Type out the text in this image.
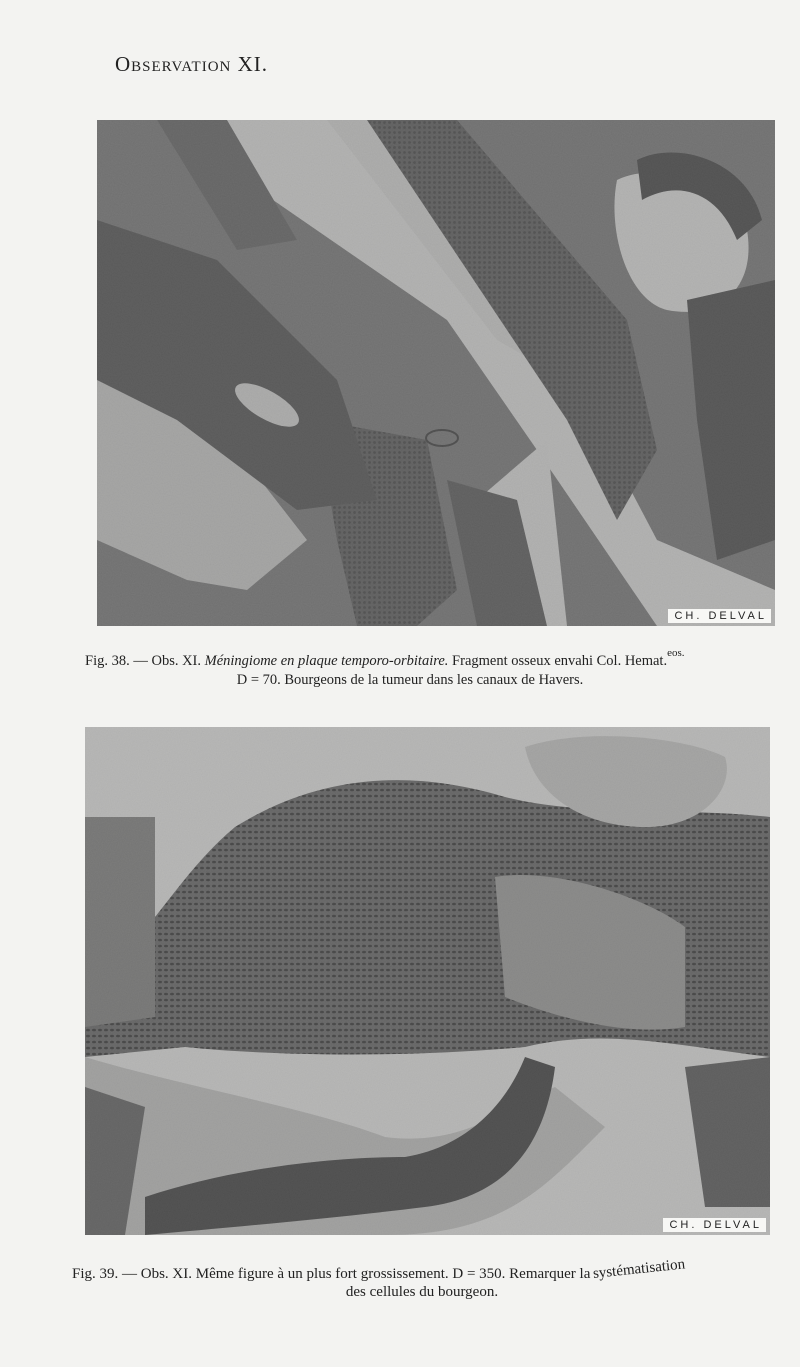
Observation XI.
CH. DELVAL
Fig. 38. — Obs. XI. Méningiome en plaque temporo-orbitaire. Fragment osseux envahi Col. Hemat.$^{eos.}$
D = 70. Bourgeons de la tumeur dans les canaux de Havers.
CH. DELVAL
Fig. 39. — Obs. XI. Même figure à un plus fort grossissement. D = 350. Remarquer la systématisation
des cellules du bourgeon.
